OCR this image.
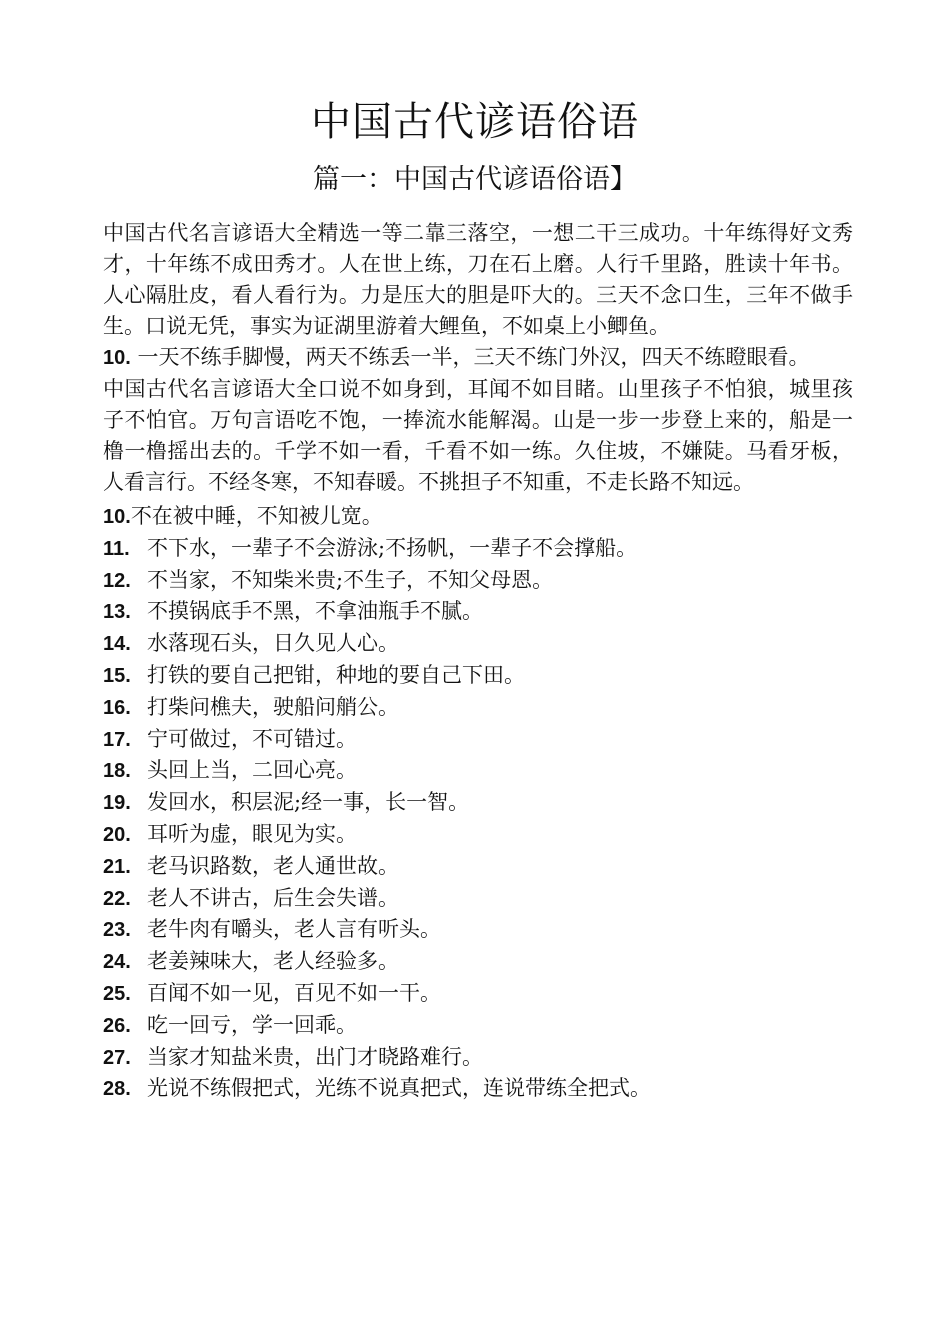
中国古代谚语俗语
篇一：中国古代谚语俗语】

中国古代名言谚语大全精选一等二靠三落空，一想二干三成功。十年练得好文秀才，十年练不成田秀才。人在世上练，刀在石上磨。人行千里路，胜读十年书。人心隔肚皮，看人看行为。力是压大的胆是吓大的。三天不念口生，三年不做手生。口说无凭，事实为证湖里游着大鲤鱼，不如桌上小鲫鱼。

10. 一天不练手脚慢，两天不练丢一半，三天不练门外汉，四天不练瞪眼看。

中国古代名言谚语大全口说不如身到，耳闻不如目睹。山里孩子不怕狼，城里孩子不怕官。万句言语吃不饱，一捧流水能解渴。山是一步一步登上来的，船是一橹一橹摇出去的。千学不如一看，千看不如一练。久住坡，不嫌陡。马看牙板，人看言行。不经冬寒，不知春暖。不挑担子不知重，不走长路不知远。

10.不在被中睡，不知被儿宽。
11. 不下水，一辈子不会游泳;不扬帆，一辈子不会撑船。
12. 不当家，不知柴米贵;不生子，不知父母恩。
13. 不摸锅底手不黑，不拿油瓶手不腻。
14. 水落现石头，日久见人心。
15. 打铁的要自己把钳，种地的要自己下田。
16. 打柴问樵夫，驶船问艄公。
17. 宁可做过，不可错过。
18. 头回上当，二回心亮。
19. 发回水，积层泥;经一事，长一智。
20. 耳听为虚，眼见为实。
21. 老马识路数，老人通世故。
22. 老人不讲古，后生会失谱。
23. 老牛肉有嚼头，老人言有听头。
24. 老姜辣味大，老人经验多。
25. 百闻不如一见，百见不如一干。
26. 吃一回亏，学一回乖。
27. 当家才知盐米贵，出门才晓路难行。
28. 光说不练假把式，光练不说真把式，连说带练全把式。
